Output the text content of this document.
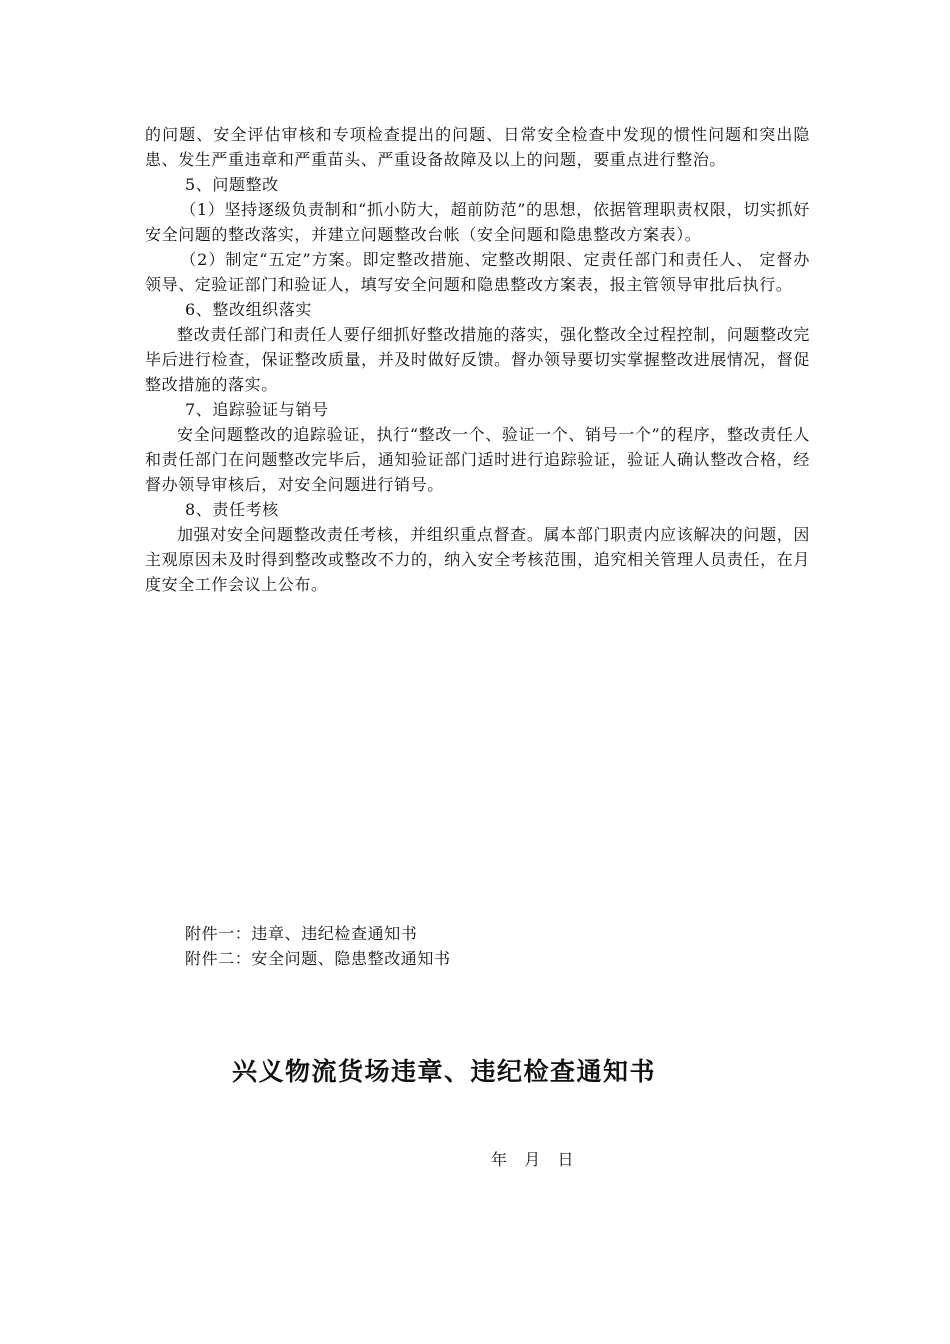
的问题、安全评估审核和专项检查提出的问题、日常安全检查中发现的惯性问题和突出隐患、发生严重违章和严重苗头、严重设备故障及以上的问题，要重点进行整治。

5、问题整改

（1）坚持逐级负责制和“抓小防大，超前防范”的思想，依据管理职责权限，切实抓好安全问题的整改落实，并建立问题整改台帐（安全问题和隐患整改方案表）。

（2）制定“五定”方案。即定整改措施、定整改期限、定责任部门和责任人、 定督办领导、定验证部门和验证人，填写安全问题和隐患整改方案表，报主管领导审批后执行。

6、整改组织落实

整改责任部门和责任人要仔细抓好整改措施的落实，强化整改全过程控制，问题整改完毕后进行检查，保证整改质量，并及时做好反馈。督办领导要切实掌握整改进展情况，督促整改措施的落实。

7、追踪验证与销号

安全问题整改的追踪验证，执行“整改一个、验证一个、销号一个”的程序，整改责任人和责任部门在问题整改完毕后，通知验证部门适时进行追踪验证，验证人确认整改合格，经督办领导审核后，对安全问题进行销号。

8、责任考核

加强对安全问题整改责任考核，并组织重点督查。属本部门职责内应该解决的问题，因主观原因未及时得到整改或整改不力的，纳入安全考核范围，追究相关管理人员责任，在月度安全工作会议上公布。

附件一：违章、违纪检查通知书
附件二：安全问题、隐患整改通知书
兴义物流货场违章、违纪检查通知书
年   月   日
